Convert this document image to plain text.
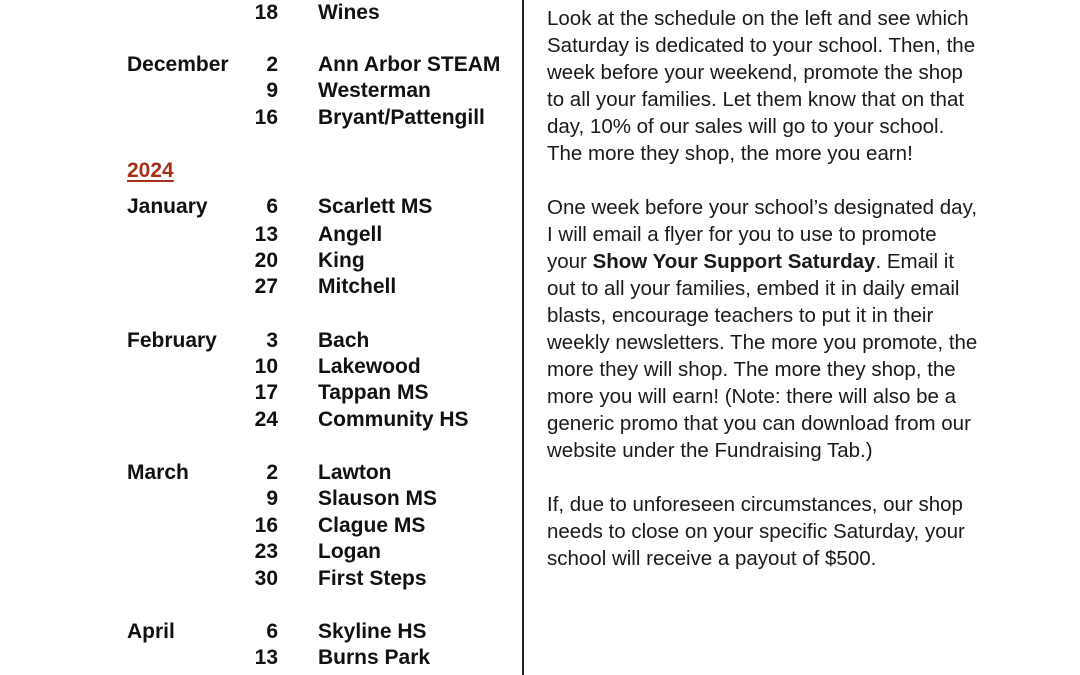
18 Wines
December	2 Ann Arbor STEAM
9 Westerman
16 Bryant/Pattengill
2024
January	6 Scarlett MS
13 Angell
20 King
27 Mitchell
February	3 Bach
10 Lakewood
17 Tappan MS
24 Community HS
March	2 Lawton
9 Slauson MS
16 Clague MS
23 Logan
30 First Steps
April	6 Skyline HS
13 Burns Park

Look at the schedule on the left and see which Saturday is dedicated to your school. Then, the week before your weekend, promote the shop to all your families. Let them know that on that day, 10% of our sales will go to your school. The more they shop, the more you earn!

One week before your school’s designated day, I will email a flyer for you to use to promote your Show Your Support Saturday. Email it out to all your families, embed it in daily email blasts, encourage teachers to put it in their weekly newsletters. The more you promote, the more they will shop. The more they shop, the more you will earn! (Note: there will also be a generic promo that you can download from our website under the Fundraising Tab.)

If, due to unforeseen circumstances, our shop needs to close on your specific Saturday, your school will receive a payout of $500.
